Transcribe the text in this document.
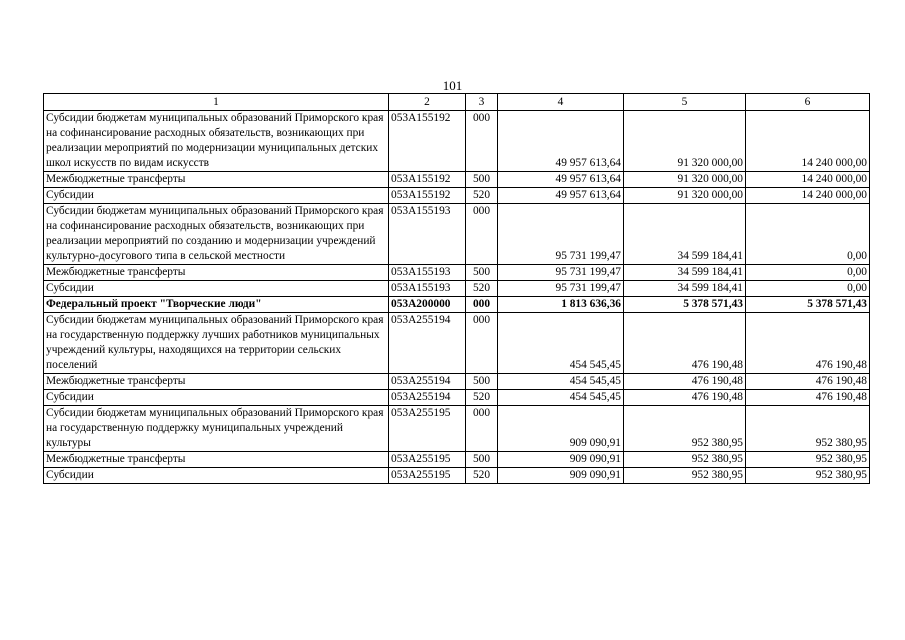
101
1	2	3	4	5	6
Субсидии бюджетам муниципальных образований Приморского края на софинансирование расходных обязательств, возникающих при реализации мероприятий по модернизации муниципальных детских школ искусств по видам искусств	053A155192	000	49 957 613,64	91 320 000,00	14 240 000,00
Межбюджетные трансферты	053A155192	500	49 957 613,64	91 320 000,00	14 240 000,00
Субсидии	053A155192	520	49 957 613,64	91 320 000,00	14 240 000,00
Субсидии бюджетам муниципальных образований Приморского края на софинансирование расходных обязательств, возникающих при реализации мероприятий по созданию и модернизации учреждений культурно-досугового типа в сельской местности	053A155193	000	95 731 199,47	34 599 184,41	0,00
Межбюджетные трансферты	053A155193	500	95 731 199,47	34 599 184,41	0,00
Субсидии	053A155193	520	95 731 199,47	34 599 184,41	0,00
Федеральный проект "Творческие люди"	053A200000	000	1 813 636,36	5 378 571,43	5 378 571,43
Субсидии бюджетам муниципальных образований Приморского края на государственную поддержку лучших работников муниципальных учреждений культуры, находящихся на территории сельских поселений	053A255194	000	454 545,45	476 190,48	476 190,48
Межбюджетные трансферты	053A255194	500	454 545,45	476 190,48	476 190,48
Субсидии	053A255194	520	454 545,45	476 190,48	476 190,48
Субсидии бюджетам муниципальных образований Приморского края на государственную поддержку муниципальных учреждений культуры	053A255195	000	909 090,91	952 380,95	952 380,95
Межбюджетные трансферты	053A255195	500	909 090,91	952 380,95	952 380,95
Субсидии	053A255195	520	909 090,91	952 380,95	952 380,95
